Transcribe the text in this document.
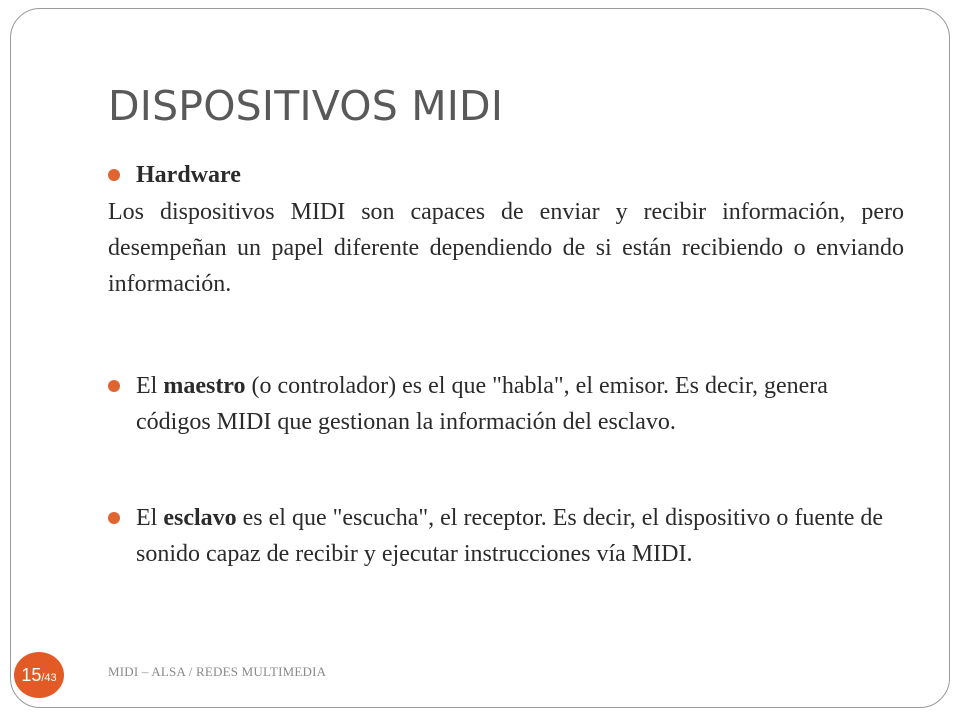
DISPOSITIVOS MIDI
Hardware

Los dispositivos MIDI son capaces de enviar y recibir información, pero desempeñan un papel diferente dependiendo de si están recibiendo o enviando información.

El maestro (o controlador) es el que "habla", el emisor. Es decir, genera códigos MIDI que gestionan la información del esclavo.
El esclavo es el que "escucha", el receptor. Es decir, el dispositivo o fuente de sonido capaz de recibir y ejecutar instrucciones vía MIDI.
15 / 43	MIDI – ALSA / REDES MULTIMEDIA
